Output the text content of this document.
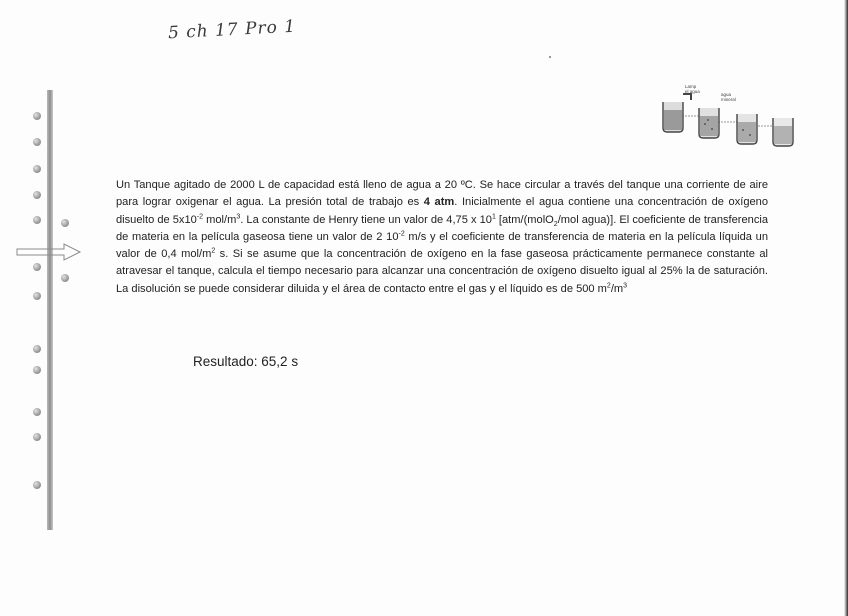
5 ch 17 Pro 1
Lamp
el agua
agua
mineral
Un Tanque agitado de 2000 L de capacidad está lleno de agua a 20 ºC. Se hace circular a través del tanque una corriente de aire para lograr oxigenar el agua. La presión total de trabajo es 4 atm. Inicialmente el agua contiene una concentración de oxígeno disuelto de $5x10^{-2}$ mol/$m^3$. La constante de Henry tiene un valor de 4,75 x $10^1$ [atm/(molO$_2$/mol agua)]. El coeficiente de transferencia de materia en la película gaseosa tiene un valor de 2 $10^{-2}$ m/s y el coeficiente de transferencia de materia en la película líquida un valor de 0,4 mol/$m^2$ s. Si se asume que la concentración de oxígeno en la fase gaseosa prácticamente permanece constante al atravesar el tanque, calcula el tiempo necesario para alcanzar una concentración de oxígeno disuelto igual al 25% la de saturación. La disolución se puede considerar diluida y el área de contacto entre el gas y el líquido es de 500 $m^2/m^3$
Resultado: 65,2 s
